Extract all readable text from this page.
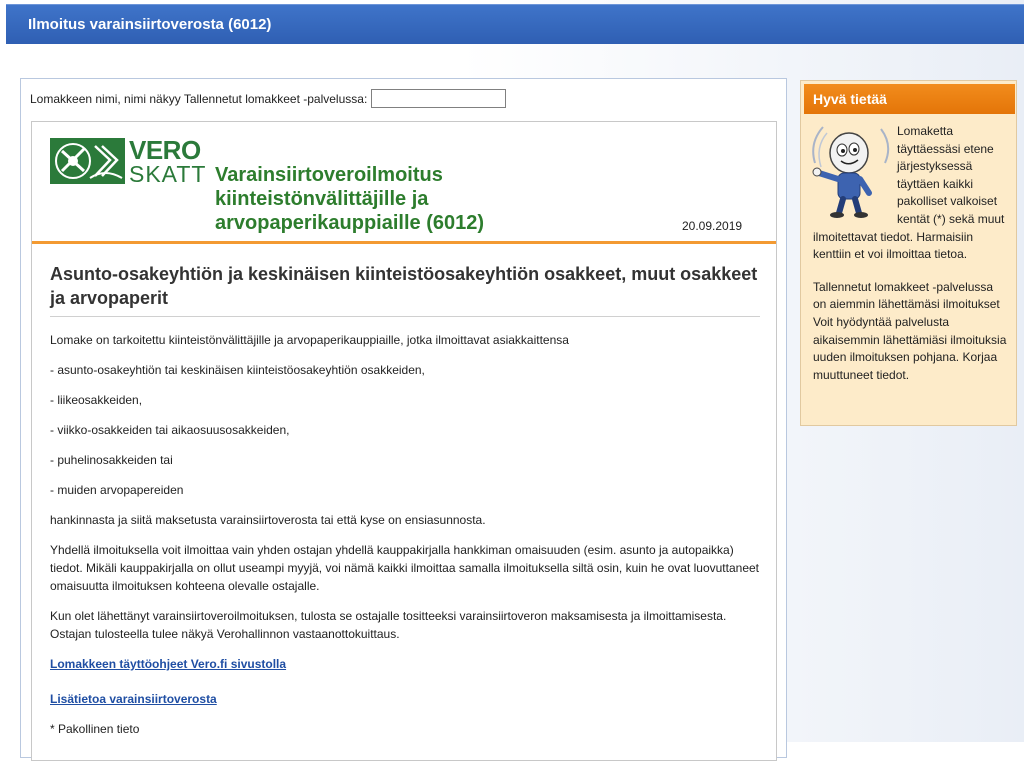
Ilmoitus varainsiirtoverosta (6012)
Lomakkeen nimi, nimi näkyy Tallennetut lomakkeet -palvelussa:
VERO
SKATT Varainsiirtoveroilmoitus kiinteistönvälittäjille ja arvopaperikauppiaille (6012)	20.09.2019
Asunto-osakeyhtiön ja keskinäisen kiinteistöosakeyhtiön osakkeet, muut osakkeet ja arvopaperit

Lomake on tarkoitettu kiinteistönvälittäjille ja arvopaperikauppiaille, jotka ilmoittavat asiakkaittensa

- asunto-osakeyhtiön tai keskinäisen kiinteistöosakeyhtiön osakkeiden,

- liikeosakkeiden,

- viikko-osakkeiden tai aikaosuusosakkeiden,

- puhelinosakkeiden tai

- muiden arvopapereiden

hankinnasta ja siitä maksetusta varainsiirtoverosta tai että kyse on ensiasunnosta.

Yhdellä ilmoituksella voit ilmoittaa vain yhden ostajan yhdellä kauppakirjalla hankkiman omaisuuden (esim. asunto ja autopaikka) tiedot. Mikäli kauppakirjalla on ollut useampi myyjä, voi nämä kaikki ilmoittaa samalla ilmoituksella siltä osin, kuin he ovat luovuttaneet omaisuutta ilmoituksen kohteena olevalle ostajalle.

Kun olet lähettänyt varainsiirtoveroilmoituksen, tulosta se ostajalle tositteeksi varainsiirtoveron maksamisesta ja ilmoittamisesta. Ostajan tulosteella tulee näkyä Verohallinnon vastaanottokuittaus.

Lomakkeen täyttöohjeet Vero.fi sivustolla

Lisätietoa varainsiirtoverosta

* Pakollinen tieto

Hyvä tietää

Lomaketta täyttäessäsi etene järjestyksessä täyttäen kaikki pakolliset valkoiset kentät (*) sekä muut ilmoitettavat tiedot. Harmaisiin kenttiin et voi ilmoittaa tietoa.

Tallennetut lomakkeet -palvelussa on aiemmin lähettämäsi ilmoitukset Voit hyödyntää palvelusta aikaisemmin lähettämiäsi ilmoituksia uuden ilmoituksen pohjana. Korjaa muuttuneet tiedot.
